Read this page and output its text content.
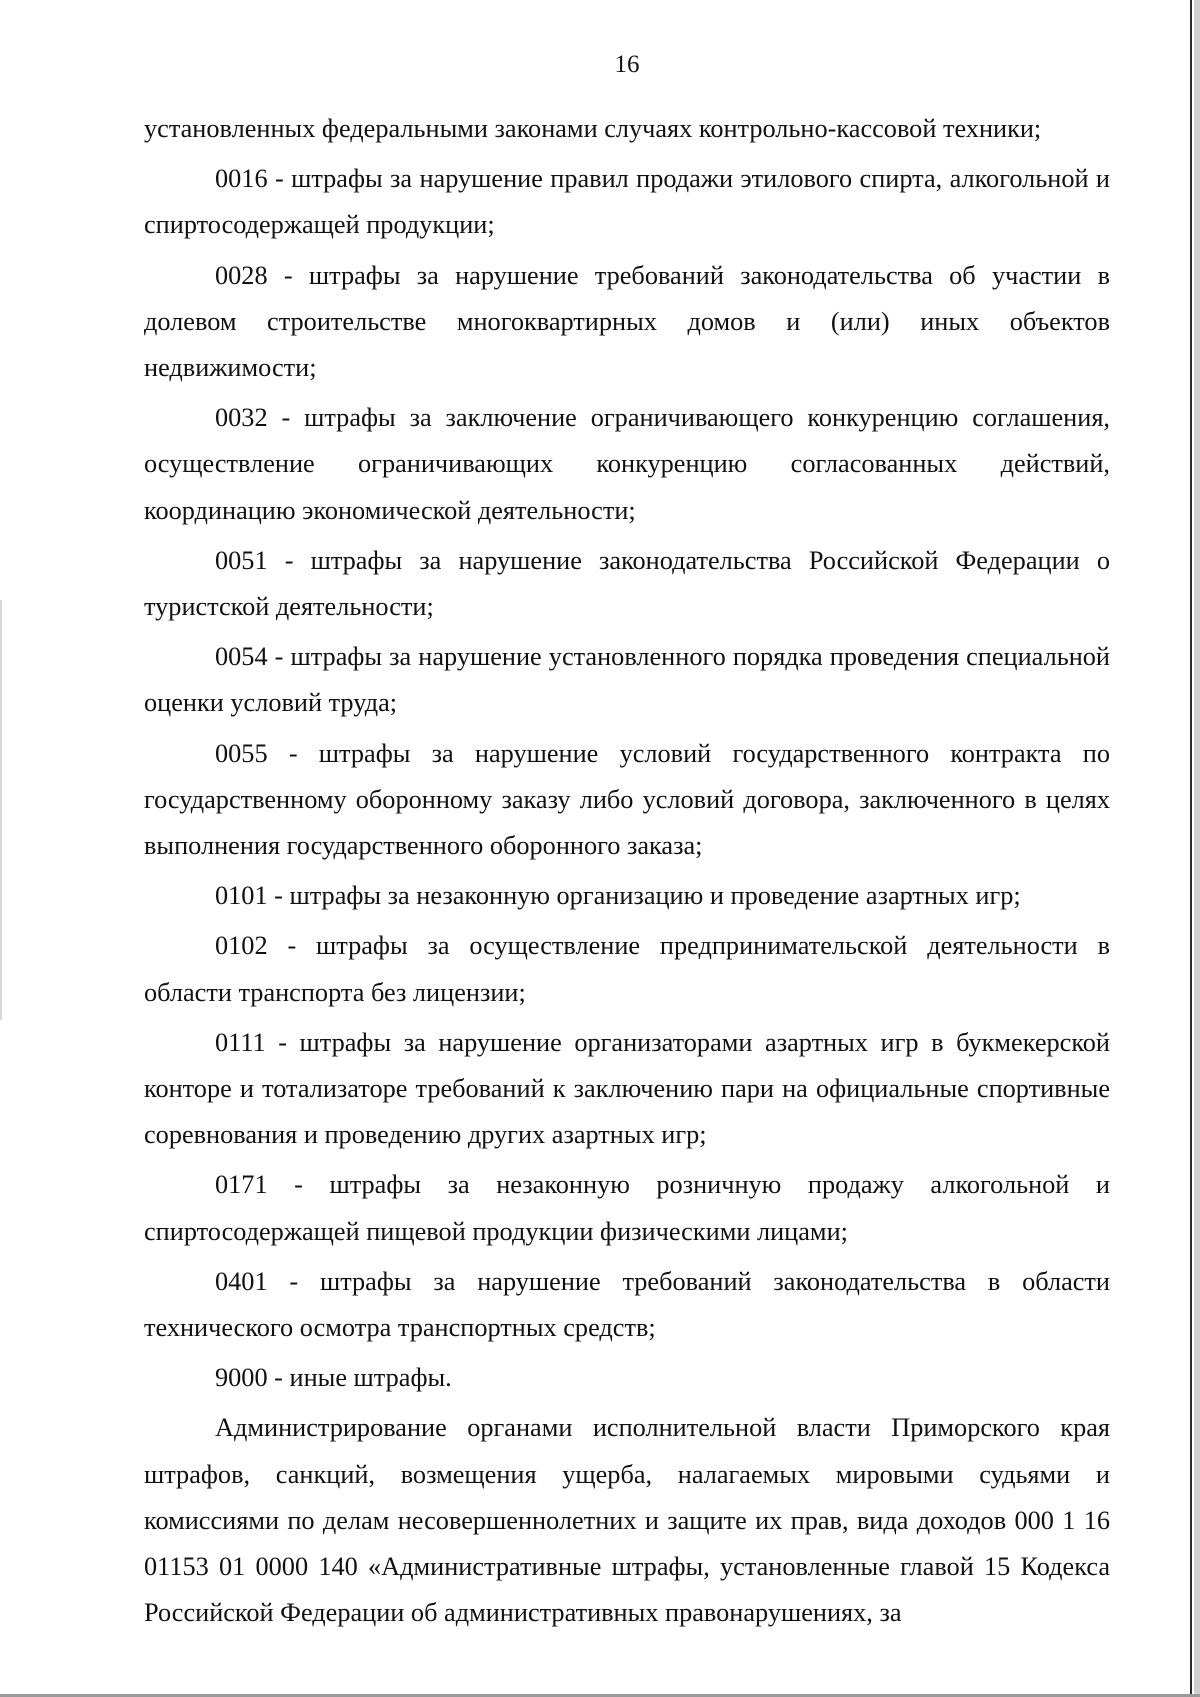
16

установленных федеральными законами случаях контрольно-кассовой техники;

0016 - штрафы за нарушение правил продажи этилового спирта, алкогольной и спиртосодержащей продукции;

0028 - штрафы за нарушение требований законодательства об участии в долевом строительстве многоквартирных домов и (или) иных объектов недвижимости;

0032 - штрафы за заключение ограничивающего конкуренцию соглашения, осуществление ограничивающих конкуренцию согласованных действий, координацию экономической деятельности;

0051 - штрафы за нарушение законодательства Российской Федерации о туристской деятельности;

0054 - штрафы за нарушение установленного порядка проведения специальной оценки условий труда;

0055 - штрафы за нарушение условий государственного контракта по государственному оборонному заказу либо условий договора, заключенного в целях выполнения государственного оборонного заказа;

0101 - штрафы за незаконную организацию и проведение азартных игр;

0102 - штрафы за осуществление предпринимательской деятельности в области транспорта без лицензии;

0111 - штрафы за нарушение организаторами азартных игр в букмекерской конторе и тотализаторе требований к заключению пари на официальные спортивные соревнования и проведению других азартных игр;

0171 - штрафы за незаконную розничную продажу алкогольной и спиртосодержащей пищевой продукции физическими лицами;

0401 - штрафы за нарушение требований законодательства в области технического осмотра транспортных средств;

9000 - иные штрафы.

Администрирование органами исполнительной власти Приморского края штрафов, санкций, возмещения ущерба, налагаемых мировыми судьями и комиссиями по делам несовершеннолетних и защите их прав, вида доходов 000 1 16 01153 01 0000 140 «Административные штрафы, установленные главой 15 Кодекса Российской Федерации об административных правонарушениях, за
